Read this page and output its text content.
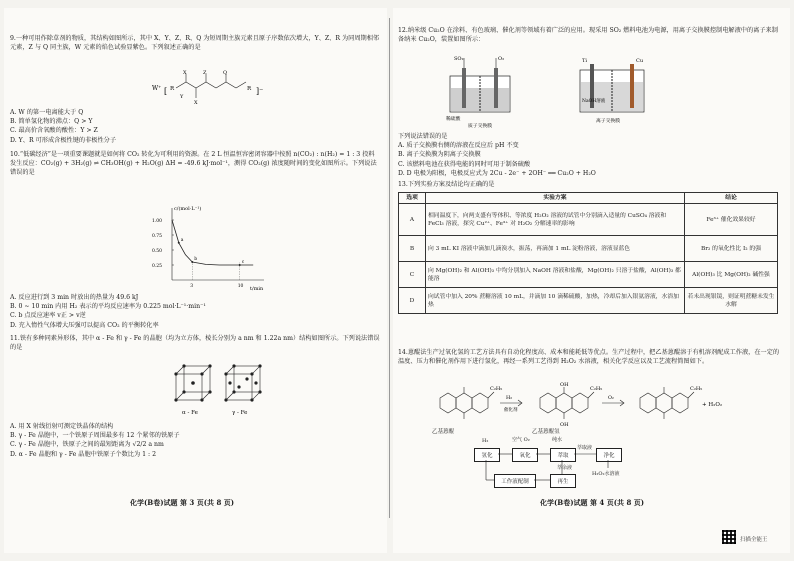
9.一种可用作除草剂的物质，其结构如图所示，其中 X、Y、Z、R、Q 为短周期主族元素且原子序数依次增大，Y、Z、R 为同周期相邻元素，Z 与 Q 同主族，W 元素的焰色试验显紫色。下列叙述正确的是
W⁺ [ R
X	Z	Q
X
Y
R ]⁻
A. W 的第一电离能大于 Q
B. 简单氢化物的沸点：Q > Y
C. 最高价含氧酸的酸性：Y > Z
D. Y、R 可形成含极性键的非极性分子
10.“低碳经济”是一项重要课题就是如何将 CO₂ 转化为可利用的资源。在 2 L 恒温恒容密闭容器中按照 n(CO₂) : n(H₂) = 1 : 3 投料发生反应：CO₂(g) + 3H₂(g) ⇌ CH₃OH(g) + H₂O(g) ΔH = -49.6 kJ·mol⁻¹，测得 CO₂(g) 浓度随时间的变化如图所示。下列说法错误的是
c/(mol·L⁻¹)
t/min
1.00
0.75
0.50
0.25
3	10
a
b
c
A. 反应进行到 3 min 时放出的热量为 49.6 kJ
B. 0 ~ 10 min 内用 H₂ 表示的平均反应速率为 0.225 mol·L⁻¹·min⁻¹
C. b 点反应速率 v正 > v逆
D. 充入惰性气体增大压强可以提高 CO₂ 的平衡转化率
11.铁有多种同素异形体，其中 α - Fe 和 γ - Fe 的晶胞（均为立方体，棱长分别为 a nm 和 1.22a nm）结构如图所示。下列说法错误的是
α - Fe	γ - Fe
A. 用 X 射线衍射可测定铁晶体的结构
B. γ - Fe 晶胞中，一个铁原子周围最多有 12 个紧邻的铁原子
C. γ - Fe 晶胞中，铁原子之间的最短距离为 √2/2 a nm
D. α - Fe 晶胞和 γ - Fe 晶胞中铁原子个数比为 1 : 2
化学(B卷)试题 第 3 页(共 8 页)
12.纳米级 Cu₂O 在涂料、有色玻璃、催化剂等领域有着广泛的应用。现采用 SO₂ 燃料电池为电源，用离子交换膜控制电解液中的离子来制备纳米 Cu₂O，装置如图所示：
SO₂	O₂
稀硫酸
质子交换膜
Ti	Cu
NaOH溶液
离子交换膜
下列说法错误的是
A. 质子交换膜右侧的溶液在反应后 pH 不变
B. 离子交换膜为阴离子交换膜
C. 该燃料电池在获得电能的同时可用于制备硫酸
D. D 电极为阳极，电极反应式为 2Cu - 2e⁻ + 2OH⁻ ══ Cu₂O + H₂O
13.下列实验方案及结论均正确的是
选项	实验方案	结论
A	相同温度下，向两支盛有等体积、等浓度 H₂O₂ 溶液的试管中分别滴入适量的 CuSO₄ 溶液和 FeCl₃ 溶液，探究 Cu²⁺、Fe³⁺ 对 H₂O₂ 分解速率的影响	Fe³⁺ 催化效果较好
B	向 3 mL KI 溶液中滴加几滴溴水，振荡，再滴加 1 mL 淀粉溶液，溶液显蓝色	Br₂ 的氧化性比 I₂ 的强
C	向 Mg(OH)₂ 和 Al(OH)₃ 中均分别加入 NaOH 溶液和盐酸，Mg(OH)₂ 只溶于盐酸，Al(OH)₃ 都能溶	Al(OH)₃ 比 Mg(OH)₂ 碱性强
D	向试管中加入 20% 蔗糖溶液 10 mL，并滴加 10 滴稀硫酸，加热，冷却后加入银氨溶液，水浴加热	若未出现银镜，则证明蔗糖未发生水解
14.蒽醌法生产过氧化氢的工艺方法具有自动化程度高、成本和能耗低等优点。生产过程中，把乙基蒽醌溶于有机溶剂配成工作液，在一定的温度、压力和催化剂作用下进行氢化，再经一系列工艺得到 H₂O₂ 水溶液，相关化学反应以及工艺流程简图如下。
C₂H₅	C₂H₅	C₂H₅
OH
OH
H₂
催化剂
O₂
+ H₂O₂
乙基蒽醌	乙基蒽醌氢
H₂	空气 O₂	纯水
氢化	氧化	萃取	净化
萃取液
萃余液
再生
工作液配制
H₂O₂水溶液
化学(B卷)试题 第 4 页(共 8 页)
扫描全能王
